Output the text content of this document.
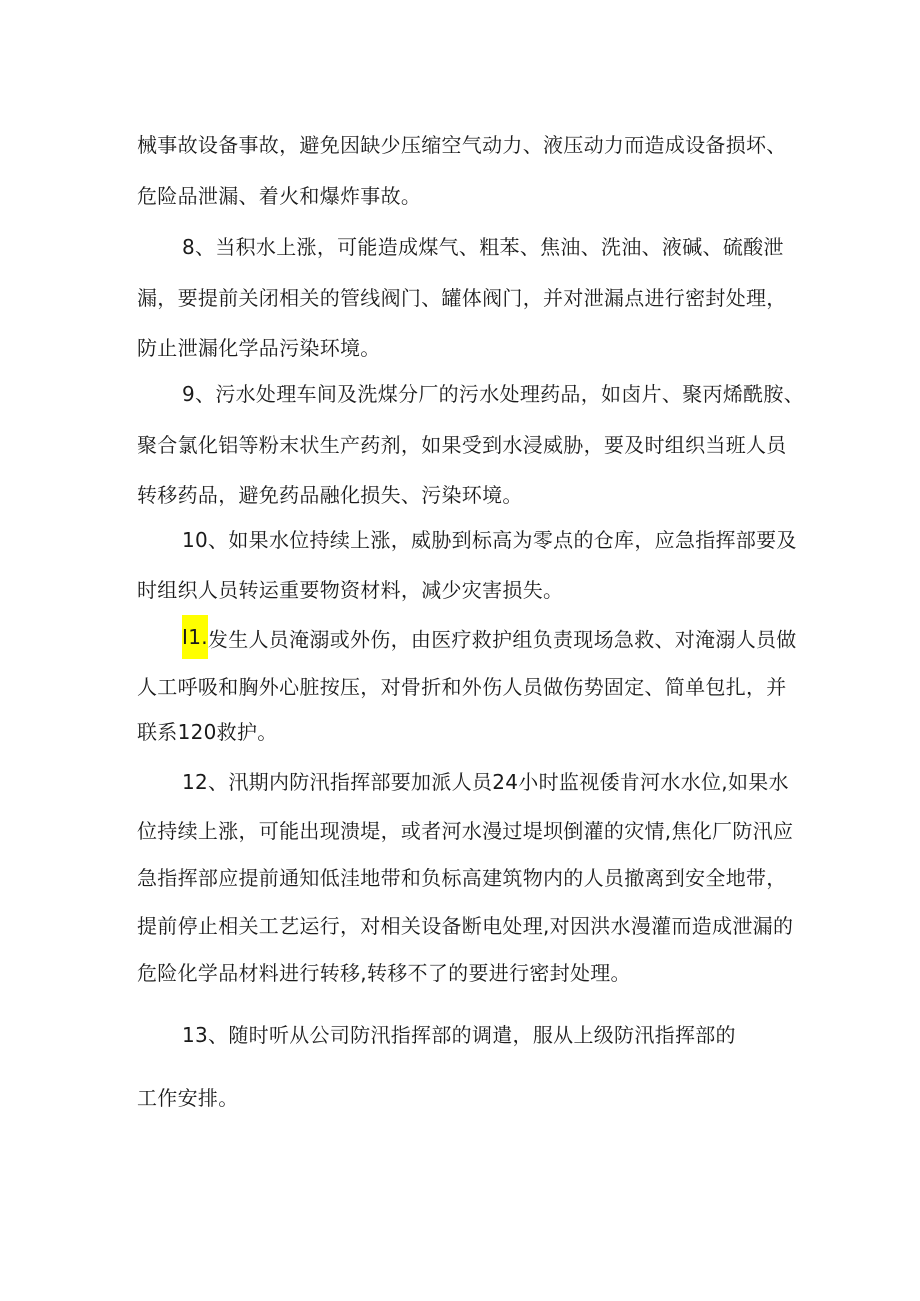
械事故设备事故，避免因缺少压缩空气动力、液压动力而造成设备损坏、
危险品泄漏、着火和爆炸事故。
8、当积水上涨，可能造成煤气、粗苯、焦油、洗油、液碱、硫酸泄
漏，要提前关闭相关的管线阀门、罐体阀门，并对泄漏点进行密封处理，
防止泄漏化学品污染环境。
9、污水处理车间及洗煤分厂的污水处理药品，如卤片、聚丙烯酰胺、
聚合氯化铝等粉末状生产药剂，如果受到水浸威胁，要及时组织当班人员
转移药品，避免药品融化损失、污染环境。
10、如果水位持续上涨，威胁到标高为零点的仓库，应急指挥部要及
时组织人员转运重要物资材料，减少灾害损失。
I1.发生人员淹溺或外伤，由医疗救护组负责现场急救、对淹溺人员做
人工呼吸和胸外心脏按压，对骨折和外伤人员做伤势固定、简单包扎，并
联系120救护。
12、汛期内防汛指挥部要加派人员24小时监视倭肯河水水位,如果水
位持续上涨，可能出现溃堤，或者河水漫过堤坝倒灌的灾情,焦化厂防汛应
急指挥部应提前通知低洼地带和负标高建筑物内的人员撤离到安全地带，
提前停止相关工艺运行，对相关设备断电处理,对因洪水漫灌而造成泄漏的
危险化学品材料进行转移,转移不了的要进行密封处理。
13、随时听从公司防汛指挥部的调遣，服从上级防汛指挥部的
工作安排。
